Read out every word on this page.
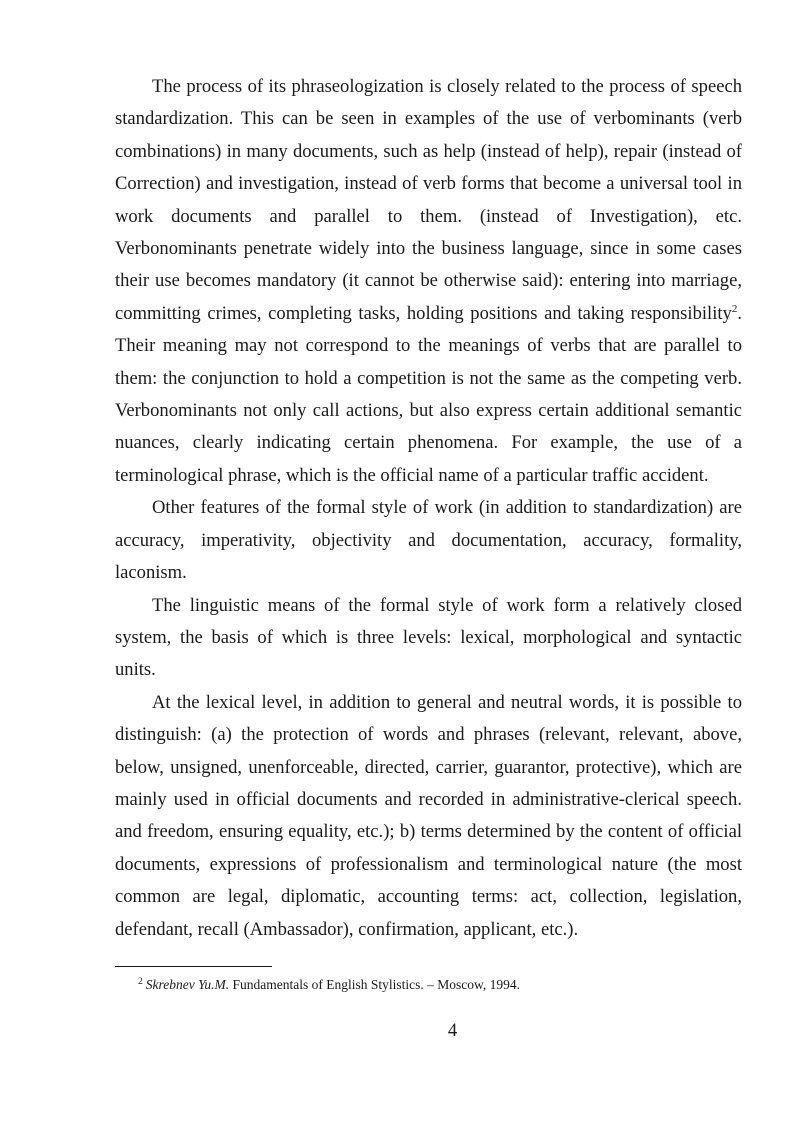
The process of its phraseologization is closely related to the process of speech standardization. This can be seen in examples of the use of verbominants (verb combinations) in many documents, such as help (instead of help), repair (instead of Correction) and investigation, instead of verb forms that become a universal tool in work documents and parallel to them. (instead of Investigation), etc. Verbonominants penetrate widely into the business language, since in some cases their use becomes mandatory (it cannot be otherwise said): entering into marriage, committing crimes, completing tasks, holding positions and taking responsibility$^2$. Their meaning may not correspond to the meanings of verbs that are parallel to them: the conjunction to hold a competition is not the same as the competing verb. Verbonominants not only call actions, but also express certain additional semantic nuances, clearly indicating certain phenomena. For example, the use of a terminological phrase, which is the official name of a particular traffic accident.

Other features of the formal style of work (in addition to standardization) are accuracy, imperativity, objectivity and documentation, accuracy, formality, laconism.

The linguistic means of the formal style of work form a relatively closed system, the basis of which is three levels: lexical, morphological and syntactic units.

At the lexical level, in addition to general and neutral words, it is possible to distinguish: (a) the protection of words and phrases (relevant, relevant, above, below, unsigned, unenforceable, directed, carrier, guarantor, protective), which are mainly used in official documents and recorded in administrative-clerical speech. and freedom, ensuring equality, etc.); b) terms determined by the content of official documents, expressions of professionalism and terminological nature (the most common are legal, diplomatic, accounting terms: act, collection, legislation, defendant, recall (Ambassador), confirmation, applicant, etc.).

$^2$ Skrebnev Yu.M. Fundamentals of English Stylistics. – Moscow, 1994.
4
